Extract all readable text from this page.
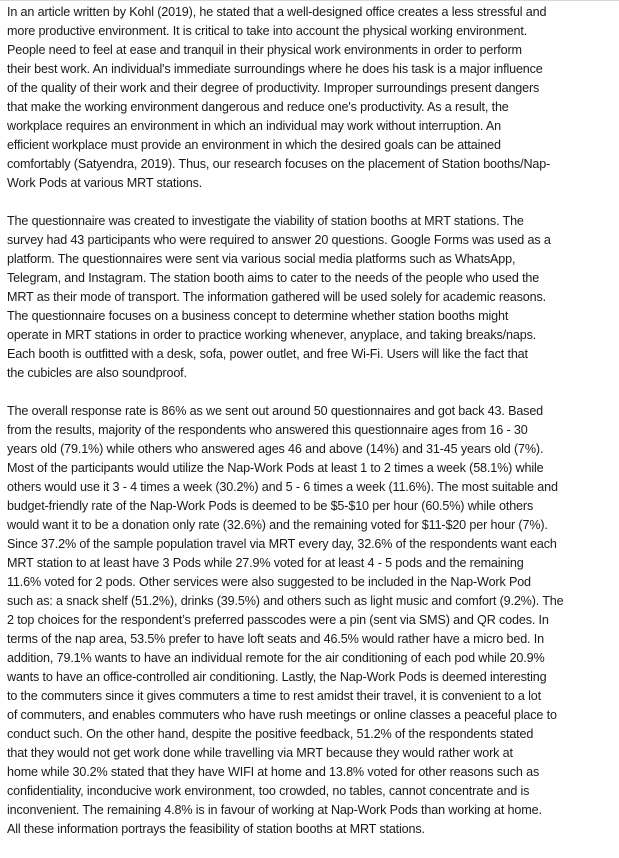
In an article written by Kohl (2019), he stated that a well-designed office creates a less stressful and
more productive environment. It is critical to take into account the physical working environment.
People need to feel at ease and tranquil in their physical work environments in order to perform
their best work. An individual's immediate surroundings where he does his task is a major influence
of the quality of their work and their degree of productivity. Improper surroundings present dangers
that make the working environment dangerous and reduce one's productivity. As a result, the
workplace requires an environment in which an individual may work without interruption. An
efficient workplace must provide an environment in which the desired goals can be attained
comfortably (Satyendra, 2019). Thus, our research focuses on the placement of Station booths/Nap-
Work Pods at various MRT stations.
The questionnaire was created to investigate the viability of station booths at MRT stations. The
survey had 43 participants who were required to answer 20 questions. Google Forms was used as a
platform. The questionnaires were sent via various social media platforms such as WhatsApp,
Telegram, and Instagram. The station booth aims to cater to the needs of the people who used the
MRT as their mode of transport. The information gathered will be used solely for academic reasons.
The questionnaire focuses on a business concept to determine whether station booths might
operate in MRT stations in order to practice working whenever, anyplace, and taking breaks/naps.
Each booth is outfitted with a desk, sofa, power outlet, and free Wi-Fi. Users will like the fact that
the cubicles are also soundproof.
The overall response rate is 86% as we sent out around 50 questionnaires and got back 43. Based
from the results, majority of the respondents who answered this questionnaire ages from 16 - 30
years old (79.1%) while others who answered ages 46 and above (14%) and 31-45 years old (7%).
Most of the participants would utilize the Nap-Work Pods at least 1 to 2 times a week (58.1%) while
others would use it 3 - 4 times a week (30.2%) and 5 - 6 times a week (11.6%). The most suitable and
budget-friendly rate of the Nap-Work Pods is deemed to be $5-$10 per hour (60.5%) while others
would want it to be a donation only rate (32.6%) and the remaining voted for $11-$20 per hour (7%).
Since 37.2% of the sample population travel via MRT every day, 32.6% of the respondents want each
MRT station to at least have 3 Pods while 27.9% voted for at least 4 - 5 pods and the remaining
11.6% voted for 2 pods. Other services were also suggested to be included in the Nap-Work Pod
such as: a snack shelf (51.2%), drinks (39.5%) and others such as light music and comfort (9.2%). The
2 top choices for the respondent’s preferred passcodes were a pin (sent via SMS) and QR codes. In
terms of the nap area, 53.5% prefer to have loft seats and 46.5% would rather have a micro bed. In
addition, 79.1% wants to have an individual remote for the air conditioning of each pod while 20.9%
wants to have an office-controlled air conditioning. Lastly, the Nap-Work Pods is deemed interesting
to the commuters since it gives commuters a time to rest amidst their travel, it is convenient to a lot
of commuters, and enables commuters who have rush meetings or online classes a peaceful place to
conduct such. On the other hand, despite the positive feedback, 51.2% of the respondents stated
that they would not get work done while travelling via MRT because they would rather work at
home while 30.2% stated that they have WIFI at home and 13.8% voted for other reasons such as
confidentiality, inconducive work environment, too crowded, no tables, cannot concentrate and is
inconvenient. The remaining 4.8% is in favour of working at Nap-Work Pods than working at home.
All these information portrays the feasibility of station booths at MRT stations.
